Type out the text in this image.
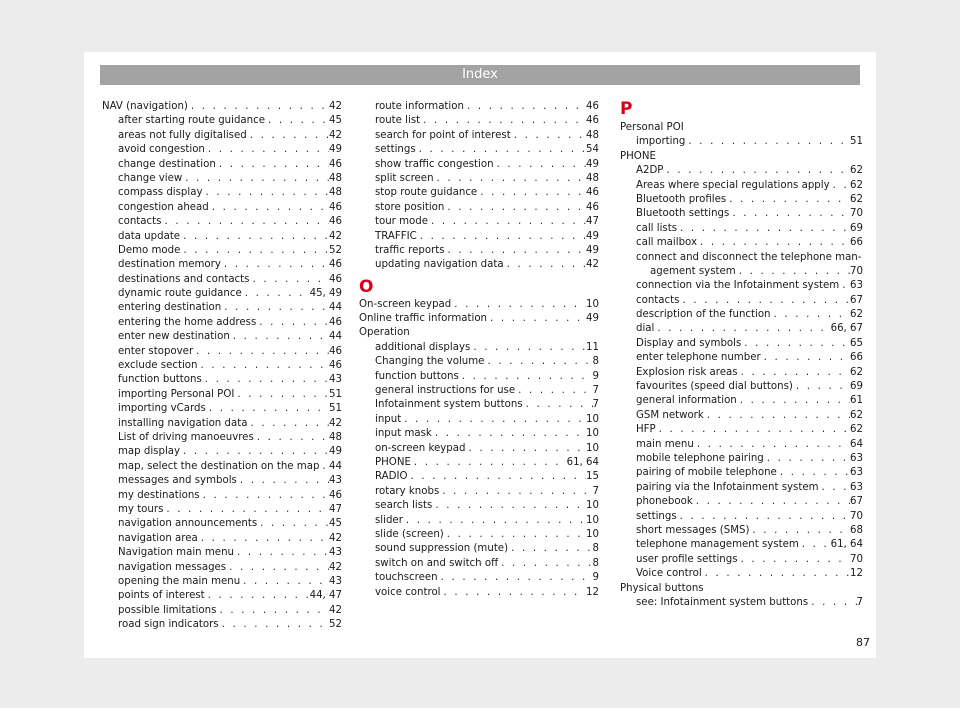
Index
NAV (navigation) . . .	42
after starting route guidance . . .	45
areas not fully digitalised . . .	42
avoid congestion . . .	49
change destination . . .	46
change view . . .	48
compass display . . .	48
congestion ahead . . .	46
contacts . . .	46
data update . . .	42
Demo mode . . .	52
destination memory . . .	46
destinations and contacts . . .	46
dynamic route guidance . . .	45, 49
entering destination . . .	44
entering the home address . . .	46
enter new destination . . .	44
enter stopover . . .	46
exclude section . . .	46
function buttons . . .	43
importing Personal POI . . .	51
importing vCards . . .	51
installing navigation data . . .	42
List of driving manoeuvres . . .	48
map display . . .	49
map, select the destination on the map . . . 44
messages and symbols . . .	43
my destinations . . .	46
my tours . . .	47
navigation announcements . . .	45
navigation area . . .	42
Navigation main menu . . .	43
navigation messages . . .	42
opening the main menu . . .	43
points of interest . . .	44, 47
possible limitations . . .	42
road sign indicators . . .	52
route information . . .	46
route list . . .	46
search for point of interest . . .	48
settings . . .	54
show traffic congestion . . .	49
split screen . . .	48
stop route guidance . . .	46
store position . . .	46
tour mode . . .	47
TRAFFIC . . .	49
traffic reports . . .	49
updating navigation data . . .	42
O
On-screen keypad . . .	10
Online traffic information . . .	49
Operation
additional displays . . .	11
Changing the volume . . .	8
function buttons . . .	9
general instructions for use . . .	7
Infotainment system buttons . . .	7
input . . .	10
input mask . . .	10
on-screen keypad . . .	10
PHONE . . .	61, 64
RADIO . . .	15
rotary knobs . . .	7
search lists . . .	10
slider . . .	10
slide (screen) . . .	10
sound suppression (mute) . . .	8
switch on and switch off . . .	8
touchscreen . . .	9
voice control . . .	12
P
Personal POI
importing . . .	51
PHONE
A2DP . . .	62
Areas where special regulations apply . . . 62
Bluetooth profiles . . .	62
Bluetooth settings . . .	70
call lists . . .	69
call mailbox . . .	66
connect and disconnect the telephone man-
agement system . . .	70
connection via the Infotainment system . . . 63
contacts . . .	67
description of the function . . .	62
dial . . .	66, 67
Display and symbols . . .	65
enter telephone number . . .	66
Explosion risk areas . . .	62
favourites (speed dial buttons) . . .	69
general information . . .	61
GSM network . . .	62
HFP . . .	62
main menu . . .	64
mobile telephone pairing . . .	63
pairing of mobile telephone . . .	63
pairing via the Infotainment system . . .	63
phonebook . . .	67
settings . . .	70
short messages (SMS) . . .	68
telephone management system . . .	61, 64
user profile settings . . .	70
Voice control . . .	12
Physical buttons
see: Infotainment system buttons . . .	7
87
